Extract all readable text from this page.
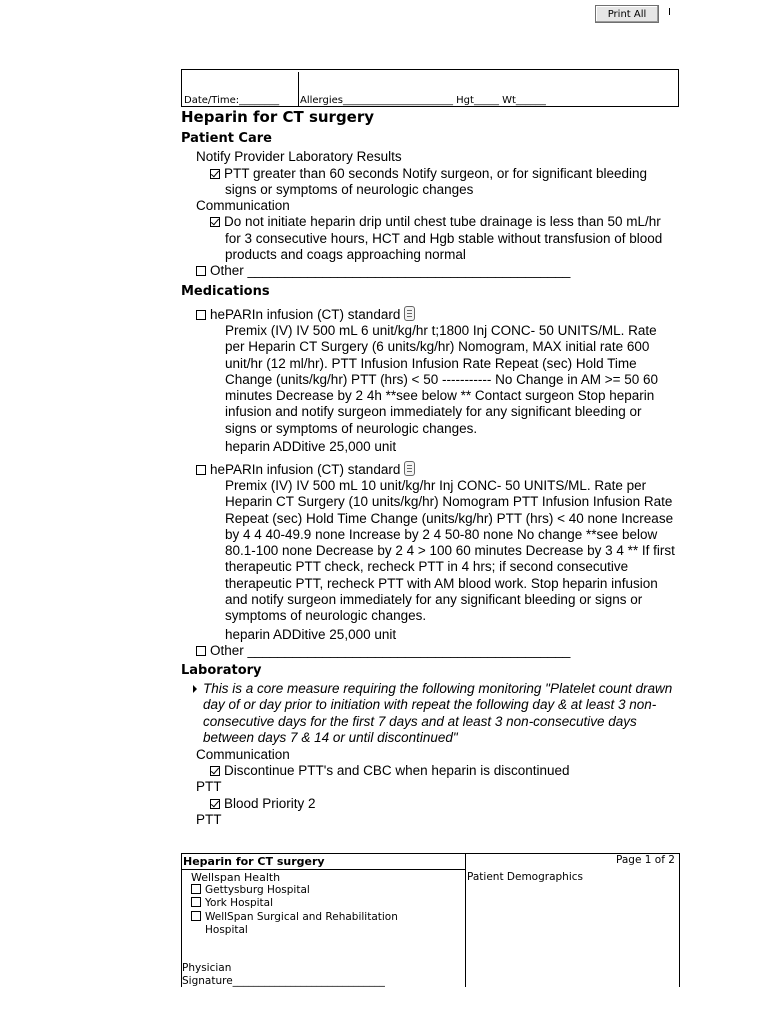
Print All
Date/Time:________ Allergies______________________ Hgt_____ Wt______
Heparin for CT surgery
Patient Care
Notify Provider Laboratory Results
PTT greater than 60 seconds Notify surgeon, or for significant bleeding
signs or symptoms of neurologic changes
Communication
Do not initiate heparin drip until chest tube drainage is less than 50 mL/hr
for 3 consecutive hours, HCT and Hgb stable without transfusion of blood
products and coags approaching normal
Other ___________________________________________
Medications
hePARIn infusion (CT) standard
Premix (IV) IV 500 mL 6 unit/kg/hr t;1800 Inj CONC- 50 UNITS/ML. Rate per Heparin CT Surgery (6 units/kg/hr) Nomogram, MAX initial rate 600 unit/hr (12 ml/hr). PTT Infusion Infusion Rate Repeat (sec) Hold Time Change (units/kg/hr) PTT (hrs) < 50 ----------- No Change in AM >= 50 60 minutes Decrease by 2 4h **see below ** Contact surgeon Stop heparin infusion and notify surgeon immediately for any significant bleeding or signs or symptoms of neurologic changes.
heparin ADDitive 25,000 unit
hePARIn infusion (CT) standard
Premix (IV) IV 500 mL 10 unit/kg/hr Inj CONC- 50 UNITS/ML. Rate per Heparin CT Surgery (10 units/kg/hr) Nomogram PTT Infusion Infusion Rate Repeat (sec) Hold Time Change (units/kg/hr) PTT (hrs) < 40 none Increase by 4 4 40-49.9 none Increase by 2 4 50-80 none No change **see below 80.1-100 none Decrease by 2 4 > 100 60 minutes Decrease by 3 4 ** If first therapeutic PTT check, recheck PTT in 4 hrs; if second consecutive therapeutic PTT, recheck PTT with AM blood work. Stop heparin infusion and notify surgeon immediately for any significant bleeding or signs or symptoms of neurologic changes.
heparin ADDitive 25,000 unit
Other ___________________________________________
Laboratory
This is a core measure requiring the following monitoring "Platelet count drawn day of or day prior to initiation with repeat the following day & at least 3 non-consecutive days for the first 7 days and at least 3 non-consecutive days between days 7 & 14 or until discontinued"
Communication
Discontinue PTT's and CBC when heparin is discontinued
PTT
Blood Priority 2
PTT
Heparin for CT surgery	Page 1 of 2
Wellspan Health	Patient Demographics
Gettysburg Hospital
York Hospital
WellSpan Surgical and Rehabilitation
Hospital
Physician
Signature_____________________________
